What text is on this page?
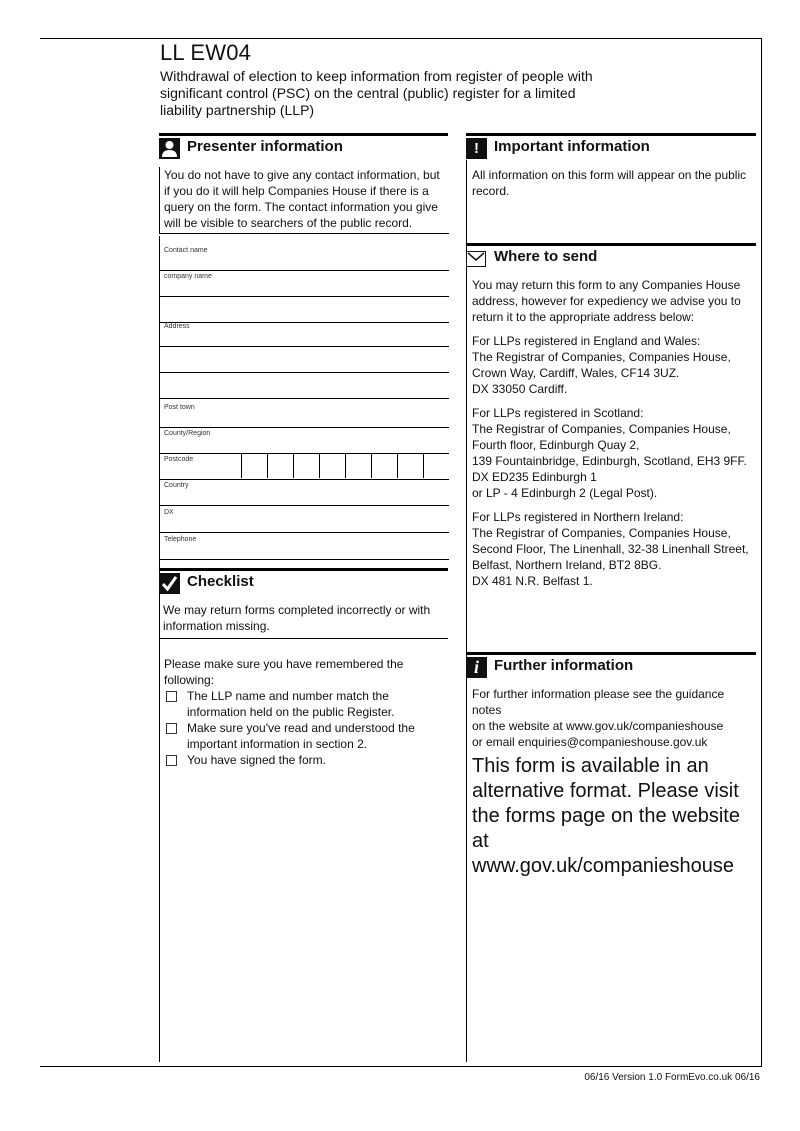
LL EW04
Withdrawal of election to keep information from register of people with significant control (PSC) on the central (public) register for a limited liability partnership (LLP)
Presenter information
You do not have to give any contact information, but if you do it will help Companies House if there is a query on the form. The contact information you give will be visible to searchers of the public record.
Contact name
company name
Address
Post town
County/Region
Postcode
Country
DX
Telephone
Checklist
We may return forms completed incorrectly or with information missing.
Please make sure you have remembered the following:
The LLP name and number match the information held on the public Register.
Make sure you've read and understood the important information in section 2.
You have signed the form.
!	Important information
All information on this form will appear on the public record.
Where to send
You may return this form to any Companies House address, however for expediency we advise you to return it to the appropriate address below:
For LLPs registered in England and Wales:
The Registrar of Companies, Companies House,
Crown Way, Cardiff, Wales, CF14 3UZ.
DX 33050 Cardiff.
For LLPs registered in Scotland:
The Registrar of Companies, Companies House,
Fourth floor, Edinburgh Quay 2,
139 Fountainbridge, Edinburgh, Scotland, EH3 9FF.
DX ED235 Edinburgh 1
or LP - 4 Edinburgh 2 (Legal Post).
For LLPs registered in Northern Ireland:
The Registrar of Companies, Companies House,
Second Floor, The Linenhall, 32-38 Linenhall Street,
Belfast, Northern Ireland, BT2 8BG.
DX 481 N.R. Belfast 1.
i	Further information
For further information please see the guidance notes
on the website at www.gov.uk/companieshouse
or email enquiries@companieshouse.gov.uk
This form is available in an alternative format. Please visit the forms page on the website at www.gov.uk/companieshouse
06/16 Version 1.0 FormEvo.co.uk 06/16
